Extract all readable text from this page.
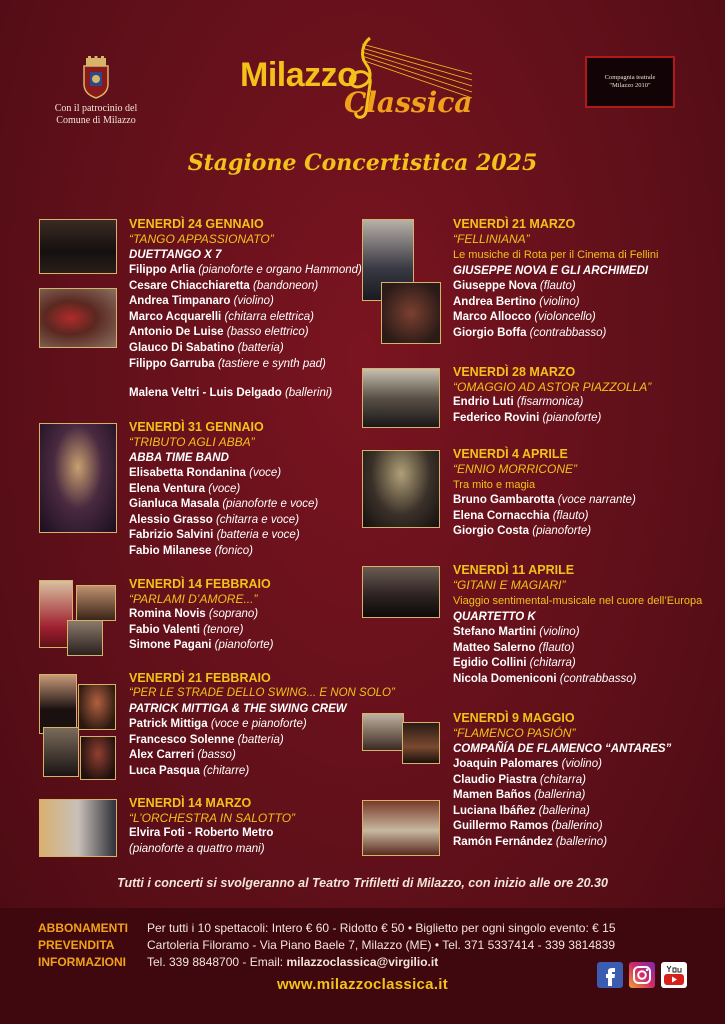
Con il patrocinio del
Comune di Milazzo
Milazzo
Classica
Compagnia teatrale
"Milazzo 2010"
Stagione Concertistica 2025
VENERDÌ 24 GENNAIO
“TANGO APPASSIONATO”
DUETTANGO X 7
Filippo Arlia (pianoforte e organo Hammond)
Cesare Chiacchiaretta (bandoneon)
Andrea Timpanaro (violino)
Marco Acquarelli (chitarra elettrica)
Antonio De Luise (basso elettrico)
Glauco Di Sabatino (batteria)
Filippo Garruba (tastiere e synth pad)
Malena Veltri - Luis Delgado (ballerini)
VENERDÌ 31 GENNAIO
“TRIBUTO AGLI ABBA”
ABBA TIME BAND
Elisabetta Rondanina (voce)
Elena Ventura (voce)
Gianluca Masala (pianoforte e voce)
Alessio Grasso (chitarra e voce)
Fabrizio Salvini (batteria e voce)
Fabio Milanese (fonico)
VENERDÌ 14 FEBBRAIO
“PARLAMI D’AMORE...”
Romina Novis (soprano)
Fabio Valenti (tenore)
Simone Pagani (pianoforte)
VENERDÌ 21 FEBBRAIO
“PER LE STRADE DELLO SWING... E NON SOLO”
PATRICK MITTIGA & THE SWING CREW
Patrick Mittiga (voce e pianoforte)
Francesco Solenne (batteria)
Alex Carreri (basso)
Luca Pasqua (chitarre)
VENERDÌ 14 MARZO
“L’ORCHESTRA IN SALOTTO”
Elvira Foti - Roberto Metro
(pianoforte a quattro mani)
VENERDÌ 21 MARZO
“FELLINIANA”
Le musiche di Rota per il Cinema di Fellini
GIUSEPPE NOVA E GLI ARCHIMEDI
Giuseppe Nova (flauto)
Andrea Bertino (violino)
Marco Allocco (violoncello)
Giorgio Boffa (contrabbasso)
VENERDÌ 28 MARZO
“OMAGGIO AD ASTOR PIAZZOLLA”
Endrio Luti (fisarmonica)
Federico Rovini (pianoforte)
VENERDÌ 4 APRILE
“ENNIO MORRICONE”
Tra mito e magia
Bruno Gambarotta (voce narrante)
Elena Cornacchia (flauto)
Giorgio Costa (pianoforte)
VENERDÌ 11 APRILE
“GITANI E MAGIARI”
Viaggio sentimental-musicale nel cuore dell’Europa
QUARTETTO K
Stefano Martini (violino)
Matteo Salerno (flauto)
Egidio Collini (chitarra)
Nicola Domeniconi (contrabbasso)
VENERDÌ 9 MAGGIO
“FLAMENCO PASIÓN”
COMPAÑÍA DE FLAMENCO “ANTARES”
Joaquin Palomares (violino)
Claudio Piastra (chitarra)
Mamen Baños (ballerina)
Luciana Ibáñez (ballerina)
Guillermo Ramos (ballerino)
Ramón Fernández (ballerino)
Tutti i concerti si svolgeranno al Teatro Trifiletti di Milazzo, con inizio alle ore 20.30
ABBONAMENTI
PREVENDITA
INFORMAZIONI
Per tutti i 10 spettacoli: Intero € 60 - Ridotto € 50 • Biglietto per ogni singolo evento: € 15
Cartoleria Filoramo - Via Piano Baele 7, Milazzo (ME) • Tel. 371 5337414 - 339 3814839
Tel. 339 8848700 - Email: milazzoclassica@virgilio.it
www.milazzoclassica.it
